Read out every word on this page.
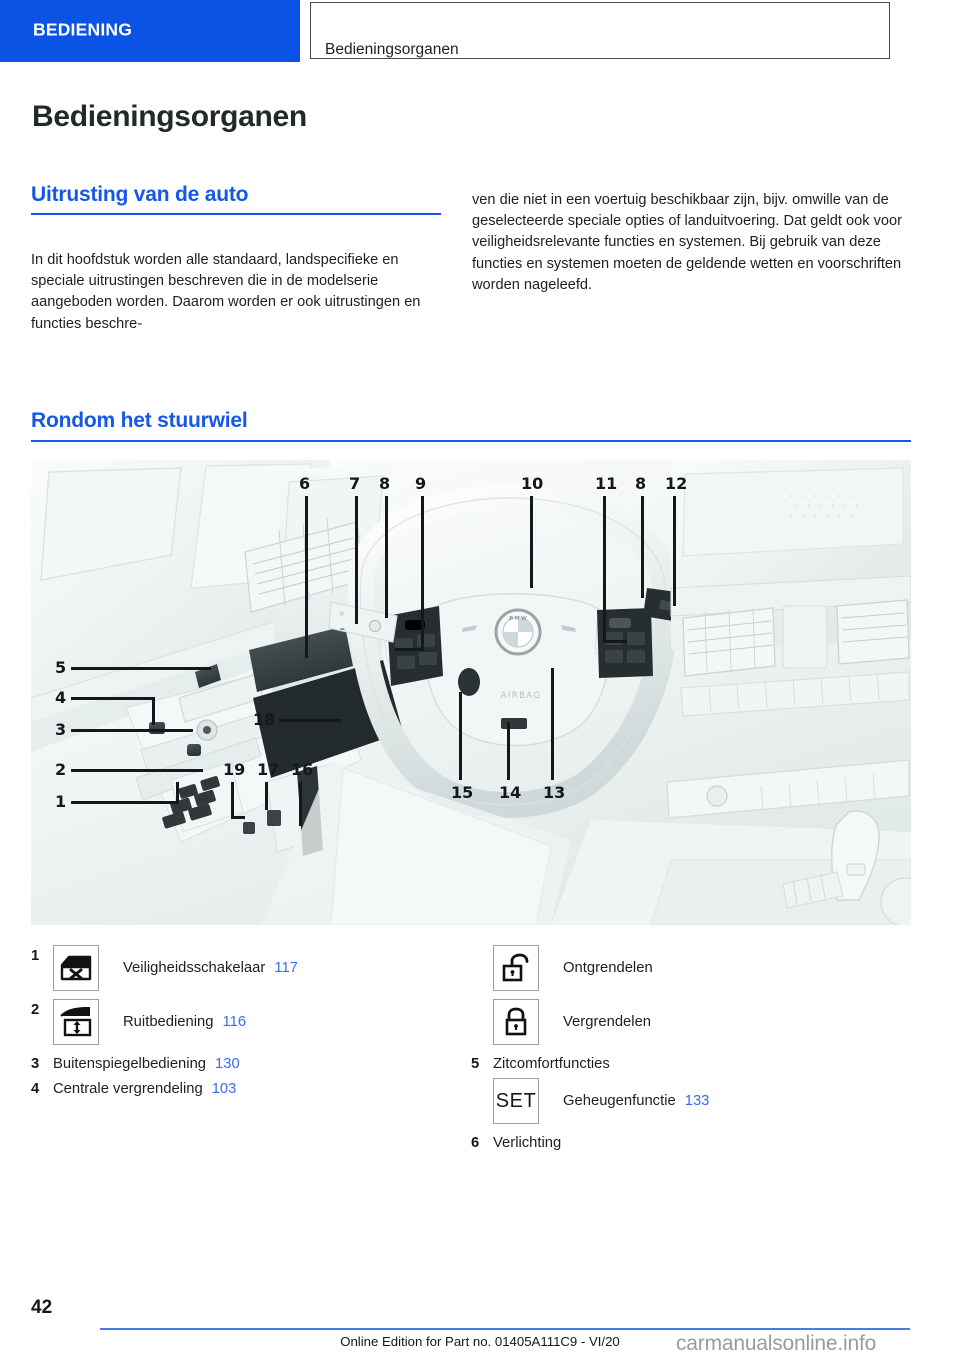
BEDIENING
Bedieningsorganen
Bedieningsorganen
Uitrusting van de auto

In dit hoofdstuk worden alle standaard, landspecifieke en speciale uitrustingen beschreven die in de modelserie aangeboden worden. Daarom worden er ook uitrustingen en functies beschre-

ven die niet in een voertuig beschikbaar zijn, bijv. omwille van de geselecteerde speciale opties of landuitvoering. Dat geldt ook voor veiligheidsrelevante functies en systemen. Bij gebruik van deze functies en systemen moeten de geldende wetten en voorschriften worden nageleefd.

Rondom het stuurwiel
B M W
AIRBAG
☼
☁
6 7 8 9	10	11 8 12
5
4
3
2
1
18
19 17 16
15 14 13
1
Veiligheidsschakelaar 117
2
Ruitbediening 116
3 Buitenspiegelbediening 130
4 Centrale vergrendeling 103
Ontgrendelen
Vergrendelen
5 Zitcomfortfuncties
SET Geheugenfunctie 133
6 Verlichting
42
Online Edition for Part no. 01405A111C9 - VI/20	carmanualsonline.info
